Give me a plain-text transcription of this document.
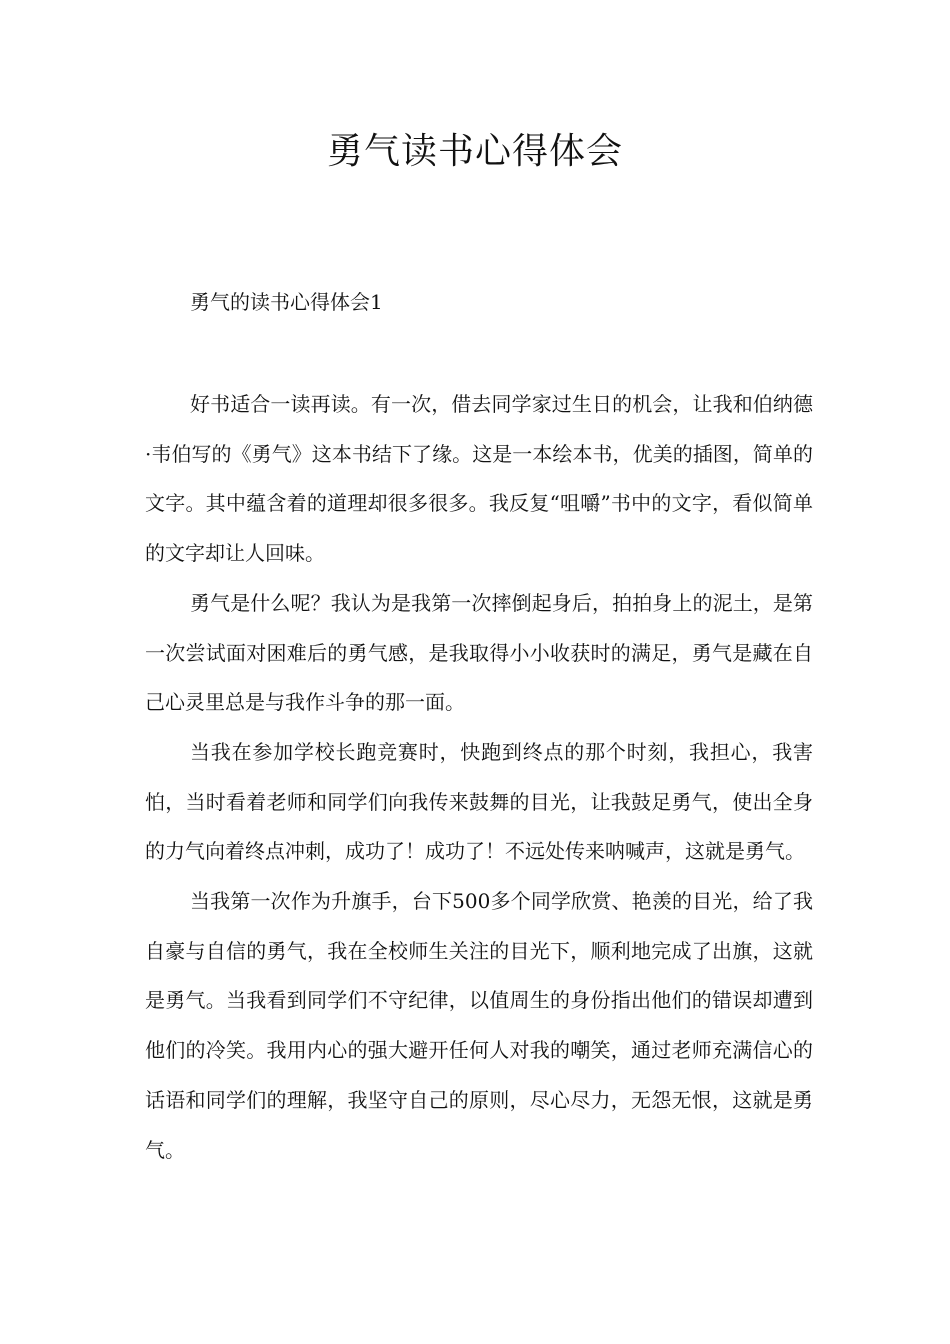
勇气读书心得体会

勇气的读书心得体会1

好书适合一读再读。有一次，借去同学家过生日的机会，让我和伯纳德·韦伯写的《勇气》这本书结下了缘。这是一本绘本书，优美的插图，简单的文字。其中蕴含着的道理却很多很多。我反复“咀嚼”书中的文字，看似简单的文字却让人回味。

勇气是什么呢？我认为是我第一次摔倒起身后，拍拍身上的泥土，是第一次尝试面对困难后的勇气感，是我取得小小收获时的满足，勇气是藏在自己心灵里总是与我作斗争的那一面。

当我在参加学校长跑竞赛时，快跑到终点的那个时刻，我担心，我害怕，当时看着老师和同学们向我传来鼓舞的目光，让我鼓足勇气，使出全身的力气向着终点冲刺，成功了！成功了！不远处传来呐喊声，这就是勇气。

当我第一次作为升旗手，台下500多个同学欣赏、艳羡的目光，给了我自豪与自信的勇气，我在全校师生关注的目光下，顺利地完成了出旗，这就是勇气。当我看到同学们不守纪律，以值周生的身份指出他们的错误却遭到他们的冷笑。我用内心的强大避开任何人对我的嘲笑，通过老师充满信心的话语和同学们的理解，我坚守自己的原则，尽心尽力，无怨无恨，这就是勇气。
